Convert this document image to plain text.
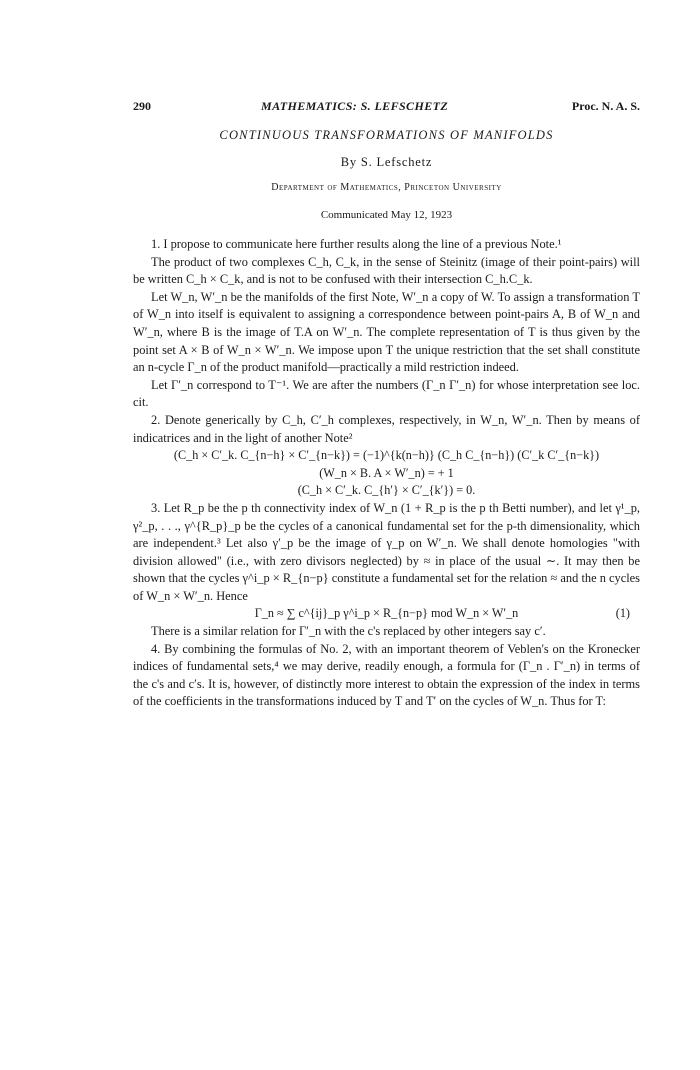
290	MATHEMATICS: S. LEFSCHETZ	Proc. N. A. S.
CONTINUOUS TRANSFORMATIONS OF MANIFOLDS
By S. Lefschetz
Department of Mathematics, Princeton University
Communicated May 12, 1923

1. I propose to communicate here further results along the line of a previous Note.¹

The product of two complexes C_h, C_k, in the sense of Steinitz (image of their point-pairs) will be written C_h × C_k, and is not to be confused with their intersection C_h.C_k.

Let W_n, W′_n be the manifolds of the first Note, W′_n a copy of W. To assign a transformation T of W_n into itself is equivalent to assigning a correspondence between point-pairs A, B of W_n and W′_n, where B is the image of T.A on W′_n. The complete representation of T is thus given by the point set A × B of W_n × W′_n. We impose upon T the unique restriction that the set shall constitute an n-cycle Γ_n of the product manifold—practically a mild restriction indeed.

Let Γ′_n correspond to T⁻¹. We are after the numbers (Γ_n Γ′_n) for whose interpretation see loc. cit.

2. Denote generically by C_h, C′_h complexes, respectively, in W_n, W′_n. Then by means of indicatrices and in the light of another Note²

(C_h × C′_k. C_{n−h} × C′_{n−k}) = (−1)^{k(n−h)} (C_h C_{n−h}) (C′_k C′_{n−k})
(W_n × B. A × W′_n) = + 1
(C_h × C′_k. C_{h′} × C′_{k′}) = 0.

3. Let R_p be the p th connectivity index of W_n (1 + R_p is the p th Betti number), and let γ¹_p, γ²_p, . . ., γ^{R_p}_p be the cycles of a canonical fundamental set for the p-th dimensionality, which are independent.³ Let also γ′_p be the image of γ_p on W′_n. We shall denote homologies "with division allowed" (i.e., with zero divisors neglected) by ≈ in place of the usual ∼. It may then be shown that the cycles γ^i_p × R_{n−p} constitute a fundamental set for the relation ≈ and the n cycles of W_n × W′_n. Hence

Γ_n ≈ ∑ c^{ij}_p γ^i_p × R_{n−p} mod W_n × W′_n	(1)

There is a similar relation for Γ′_n with the c's replaced by other integers say c′.

4. By combining the formulas of No. 2, with an important theorem of Veblen's on the Kronecker indices of fundamental sets,⁴ we may derive, readily enough, a formula for (Γ_n . Γ′_n) in terms of the c's and c′s. It is, however, of distinctly more interest to obtain the expression of the index in terms of the coefficients in the transformations induced by T and T′ on the cycles of W_n. Thus for T:
